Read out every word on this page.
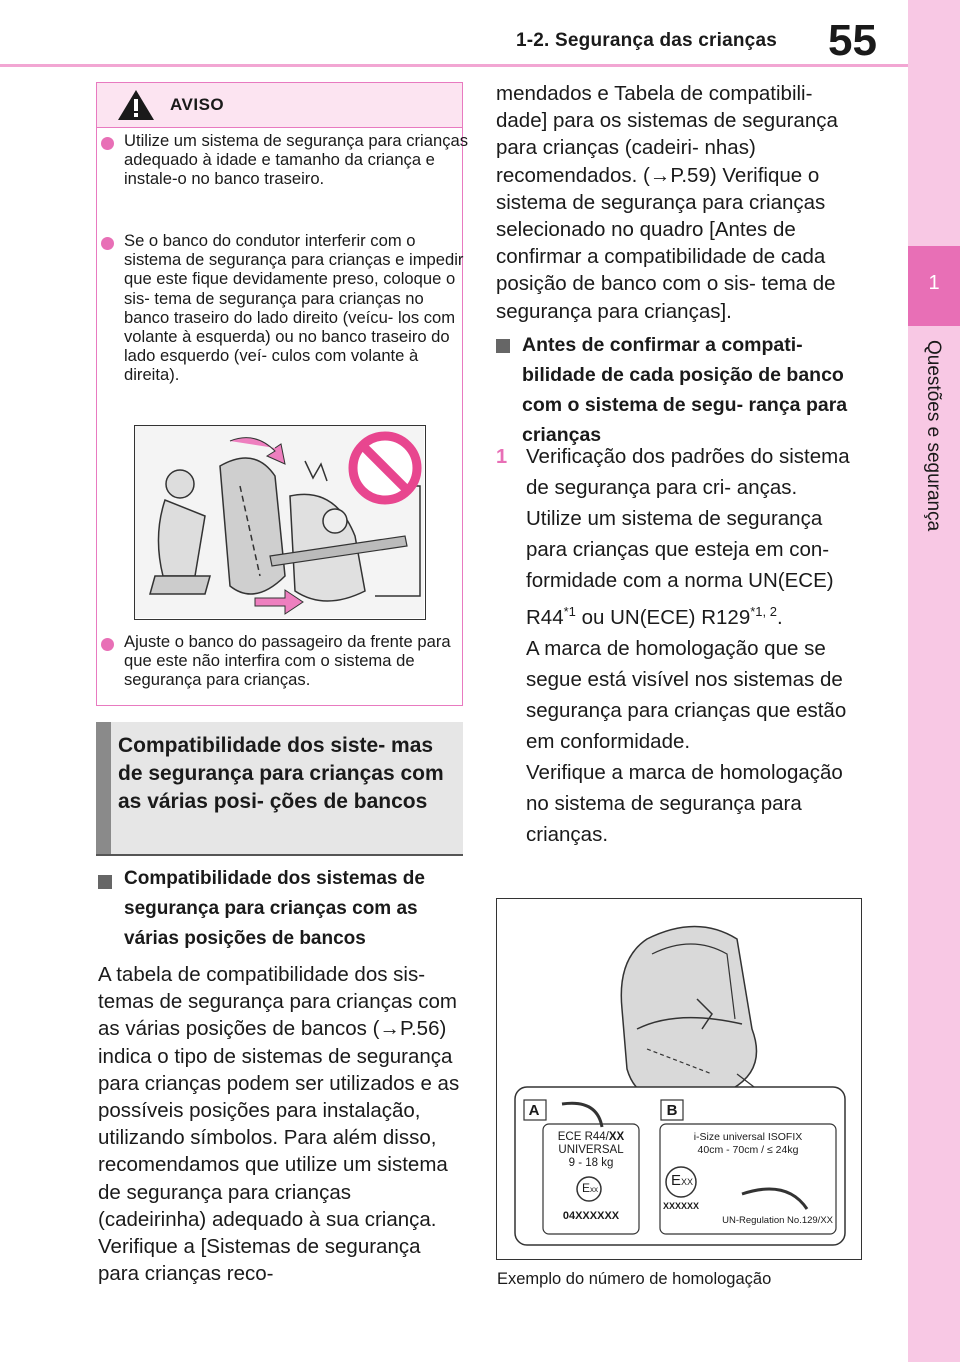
1-2. Segurança das crianças 55
1
Questões e segurança
AVISO
Utilize um sistema de segurança para crianças adequado à idade e tamanho da criança e instale-o no banco traseiro.
Se o banco do condutor interferir com o sistema de segurança para crianças e impedir que este fique devidamente preso, coloque o sis- tema de segurança para crianças no banco traseiro do lado direito (veícu- los com volante à esquerda) ou no banco traseiro do lado esquerdo (veí- culos com volante à direita).
Ajuste o banco do passageiro da frente para que este não interfira com o sistema de segurança para crianças.
Compatibilidade dos siste- mas de segurança para crianças com as várias posi- ções de bancos
Compatibilidade dos sistemas de segurança para crianças com as várias posições de bancos
A tabela de compatibilidade dos sis- temas de segurança para crianças com as várias posições de bancos (→P.56) indica o tipo de sistemas de segurança para crianças podem ser utilizados e as possíveis posições para instalação, utilizando símbolos. Para além disso, recomendamos que utilize um sistema de segurança para crianças (cadeirinha) adequado à sua criança. Verifique a [Sistemas de segurança para crianças reco-
mendados e Tabela de compatibili- dade] para os sistemas de segurança para crianças (cadeiri- nhas) recomendados. (→P.59) Verifique o sistema de segurança para crianças selecionado no quadro [Antes de confirmar a compatibilidade de cada posição de banco com o sis- tema de segurança para crianças].
Antes de confirmar a compati- bilidade de cada posição de banco com o sistema de segu- rança para crianças
1 Verificação dos padrões do sistema de segurança para cri- anças.
Utilize um sistema de segurança para crianças que esteja em con- formidade com a norma UN(ECE)
R44$^{*1}$ ou UN(ECE) R129$^{*1, 2}$.
A marca de homologação que se segue está visível nos sistemas de segurança para crianças que estão em conformidade.
Verifique a marca de homologação no sistema de segurança para crianças.
A	B
ECE R44/XX
UNIVERSAL
9 - 18 kg
Exx
04XXXXXX
i-Size universal ISOFIX
40cm - 70cm / ≤ 24kg
EXX
XXXXXX
UN-Regulation No.129/XX
Exemplo do número de homologação
